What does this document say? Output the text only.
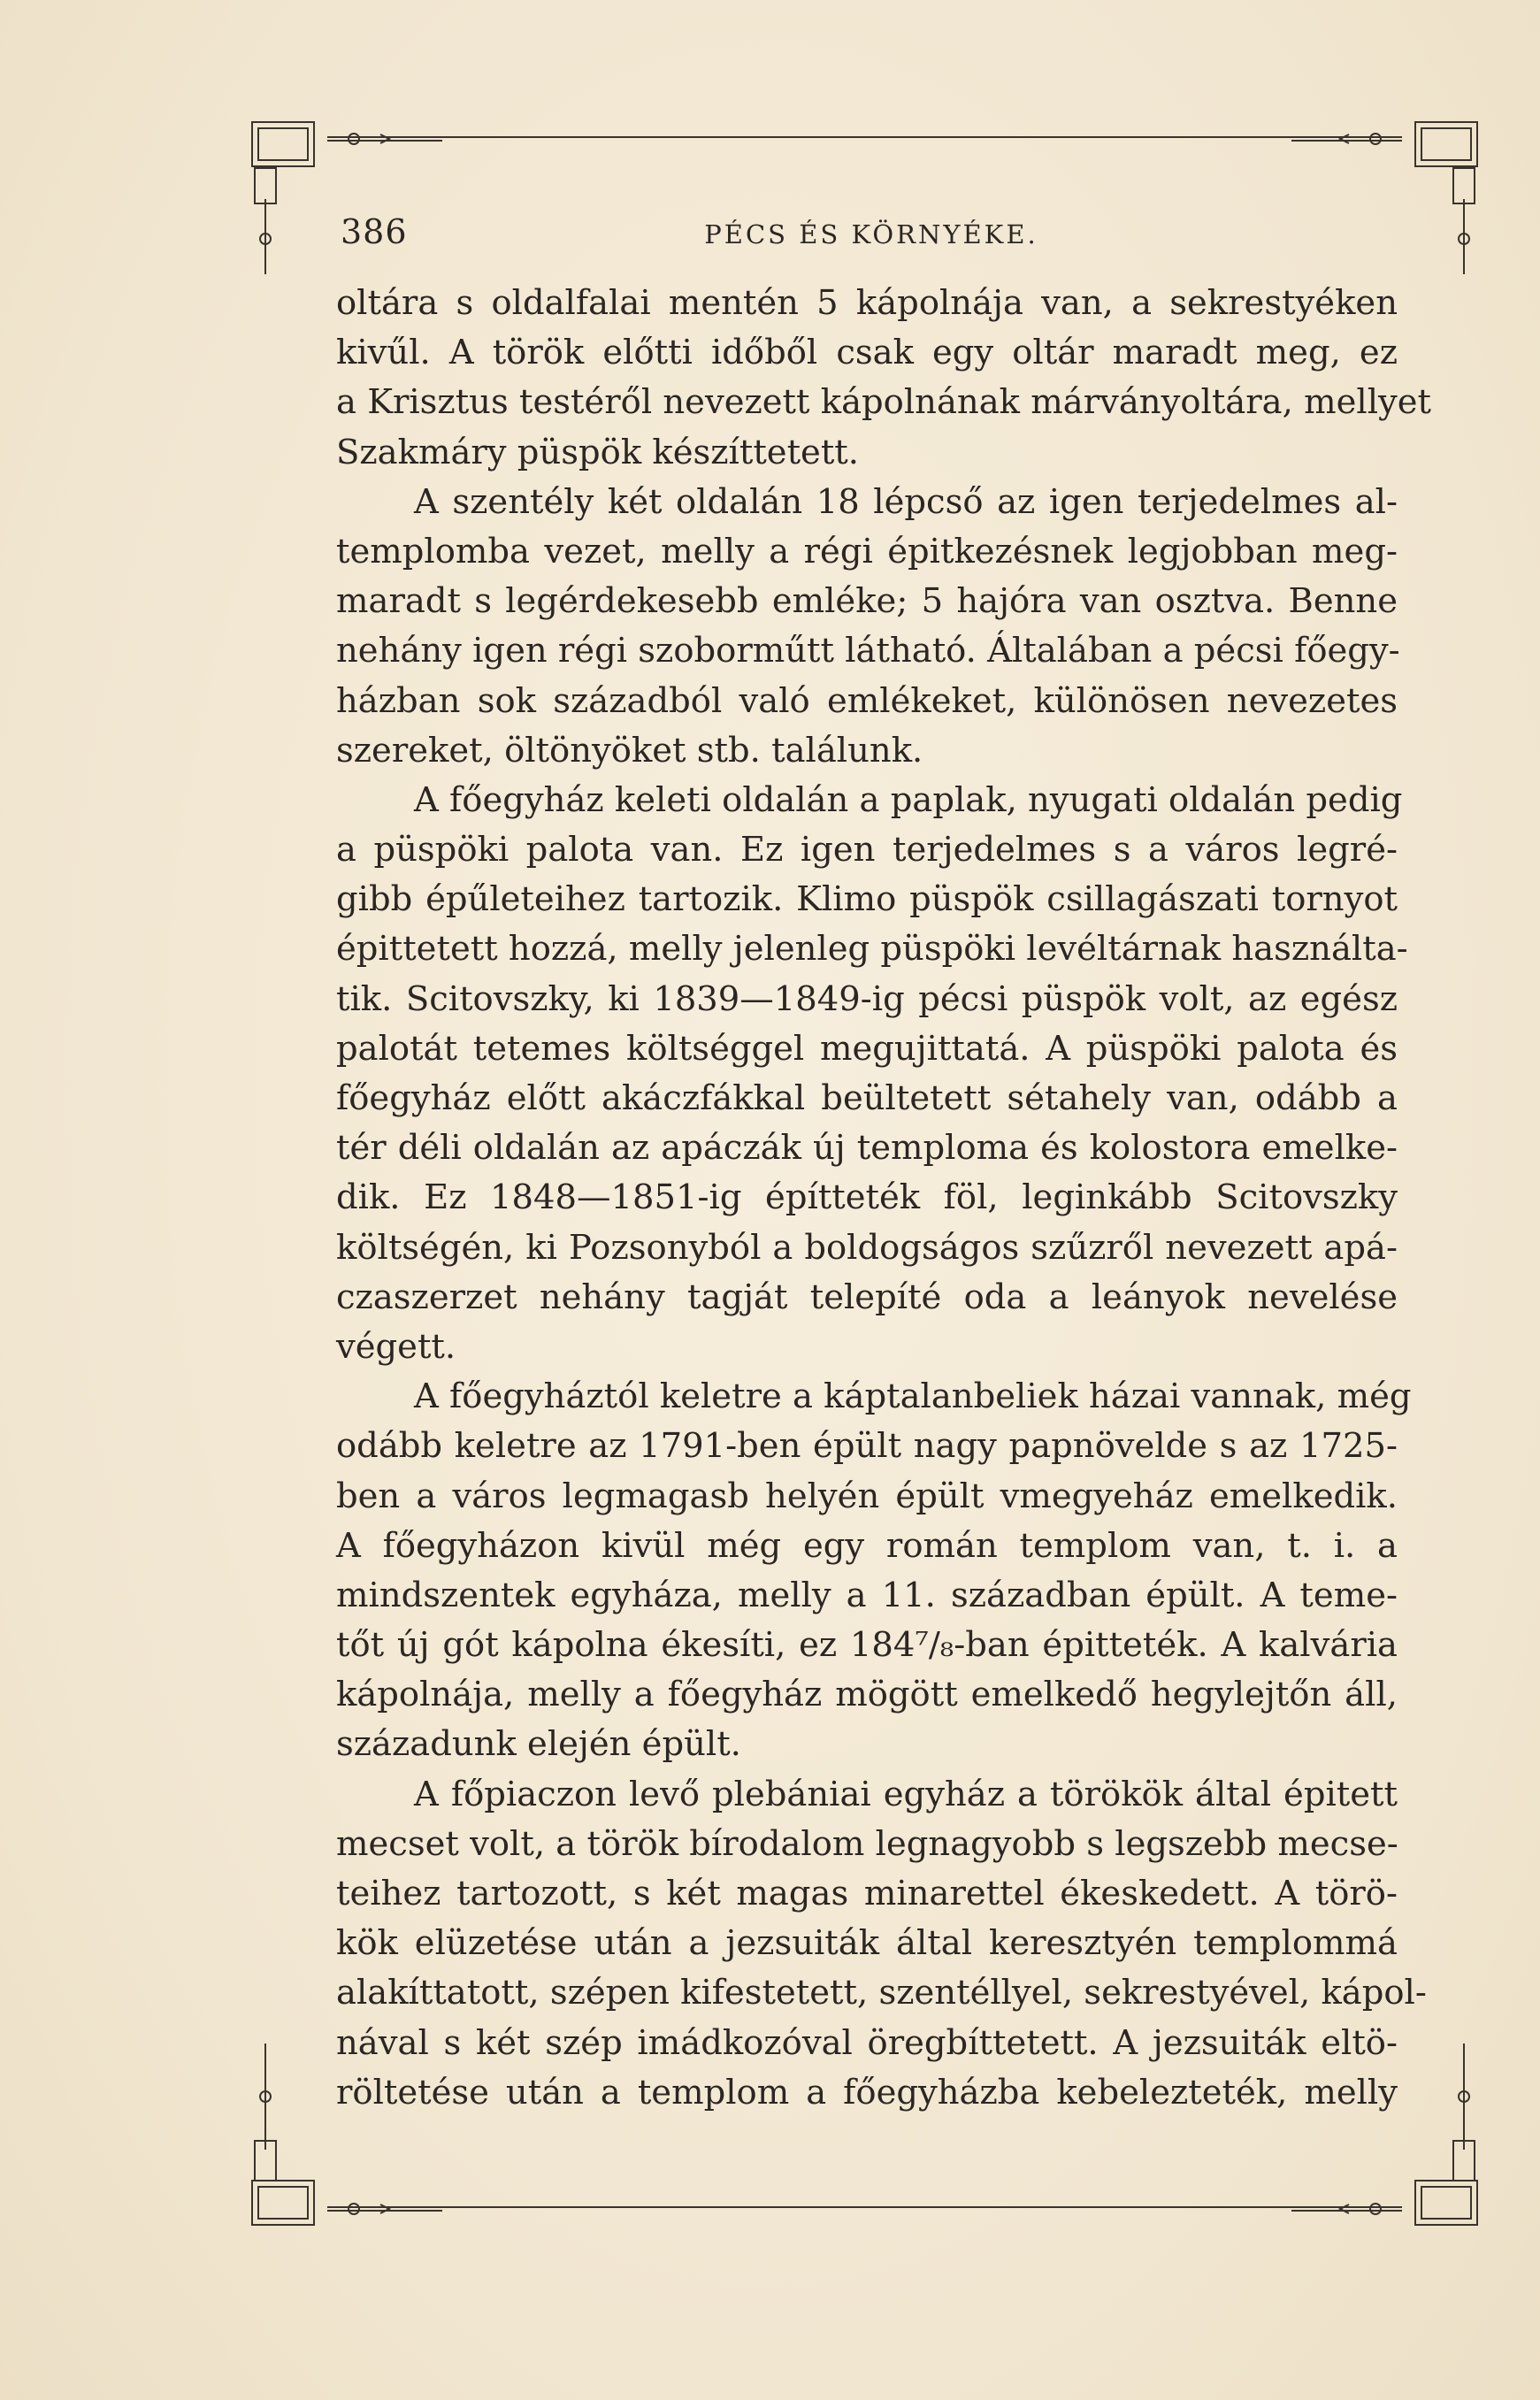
386	PÉCS ÉS KÖRNYÉKE.
oltára s oldalfalai mentén 5 kápolnája van, a sekrestyéken
kivűl. A török előtti időből csak egy oltár maradt meg, ez
a Krisztus testéről nevezett kápolnának márványoltára, mellyet
Szakmáry püspök készíttetett.
A szentély két oldalán 18 lépcső az igen terjedelmes al-
templomba vezet, melly a régi épitkezésnek legjobban meg-
maradt s legérdekesebb emléke; 5 hajóra van osztva. Benne
nehány igen régi szoborműtt látható. Általában a pécsi főegy-
házban sok századból való emlékeket, különösen nevezetes
szereket, öltönyöket stb. találunk.
A főegyház keleti oldalán a paplak, nyugati oldalán pedig
a püspöki palota van. Ez igen terjedelmes s a város legré-
gibb épűleteihez tartozik. Klimo püspök csillagászati tornyot
épittetett hozzá, melly jelenleg püspöki levéltárnak használta-
tik. Scitovszky, ki 1839—1849-ig pécsi püspök volt, az egész
palotát tetemes költséggel megujittatá. A püspöki palota és
főegyház előtt akáczfákkal beültetett sétahely van, odább a
tér déli oldalán az apáczák új temploma és kolostora emelke-
dik. Ez 1848—1851-ig építteték föl, leginkább Scitovszky
költségén, ki Pozsonyból a boldogságos szűzről nevezett apá-
czaszerzet nehány tagját telepíté oda a leányok nevelése
végett.
A főegyháztól keletre a káptalanbeliek házai vannak, még
odább keletre az 1791-ben épült nagy papnövelde s az 1725-
ben a város legmagasb helyén épült vmegyeház emelkedik.
A főegyházon kivül még egy román templom van, t. i. a
mindszentek egyháza, melly a 11. században épült. A teme-
tőt új gót kápolna ékesíti, ez 184⁷/₈-ban épitteték. A kalvária
kápolnája, melly a főegyház mögött emelkedő hegylejtőn áll,
századunk elején épült.
A főpiaczon levő plebániai egyház a törökök által épitett
mecset volt, a török bírodalom legnagyobb s legszebb mecse-
teihez tartozott, s két magas minarettel ékeskedett. A törö-
kök elüzetése után a jezsuiták által keresztyén templommá
alakíttatott, szépen kifestetett, szentéllyel, sekrestyével, kápol-
nával s két szép imádkozóval öregbíttetett. A jezsuiták eltö-
röltetése után a templom a főegyházba kebelezteték, melly
